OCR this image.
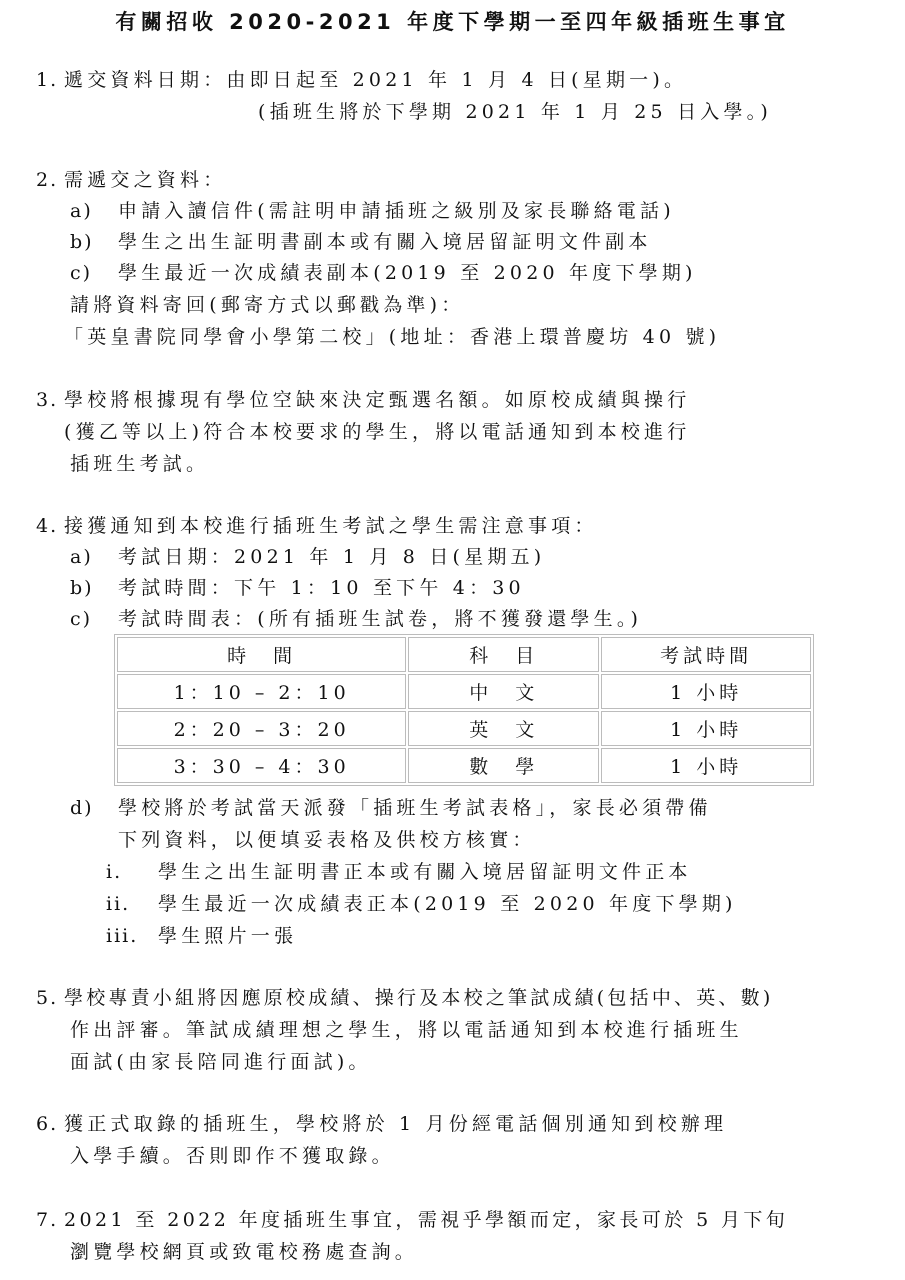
有關招收 2020-2021 年度下學期一至四年級插班生事宜
1. 遞交資料日期：由即日起至 2021 年 1 月 4 日(星期一)。
(插班生將於下學期 2021 年 1 月 25 日入學。)
2. 需遞交之資料：
a) 申請入讀信件(需註明申請插班之級別及家長聯絡電話)
b) 學生之出生証明書副本或有關入境居留証明文件副本
c) 學生最近一次成績表副本(2019 至 2020 年度下學期)
請將資料寄回(郵寄方式以郵戳為準)：
「英皇書院同學會小學第二校」(地址：香港上環普慶坊 40 號)
3. 學校將根據現有學位空缺來決定甄選名額。如原校成績與操行
(獲乙等以上)符合本校要求的學生，將以電話通知到本校進行
插班生考試。
4. 接獲通知到本校進行插班生考試之學生需注意事項：
a) 考試日期：2021 年 1 月 8 日(星期五)
b) 考試時間：下午 1：10 至下午 4：30
c) 考試時間表：(所有插班生試卷，將不獲發還學生。)
時　間	科　目	考試時間
1：10 – 2：10	中　文	1 小時
2：20 – 3：20	英　文	1 小時
3：30 – 4：30	數　學	1 小時
d) 學校將於考試當天派發「插班生考試表格」，家長必須帶備
下列資料，以便填妥表格及供校方核實：
i. 學生之出生証明書正本或有關入境居留証明文件正本
ii. 學生最近一次成績表正本(2019 至 2020 年度下學期)
iii. 學生照片一張
5. 學校專責小組將因應原校成績、操行及本校之筆試成績(包括中、英、數)
作出評審。筆試成績理想之學生，將以電話通知到本校進行插班生
面試(由家長陪同進行面試)。
6. 獲正式取錄的插班生，學校將於 1 月份經電話個別通知到校辦理
入學手續。否則即作不獲取錄。
7. 2021 至 2022 年度插班生事宜，需視乎學額而定，家長可於 5 月下旬
瀏覽學校網頁或致電校務處查詢。
